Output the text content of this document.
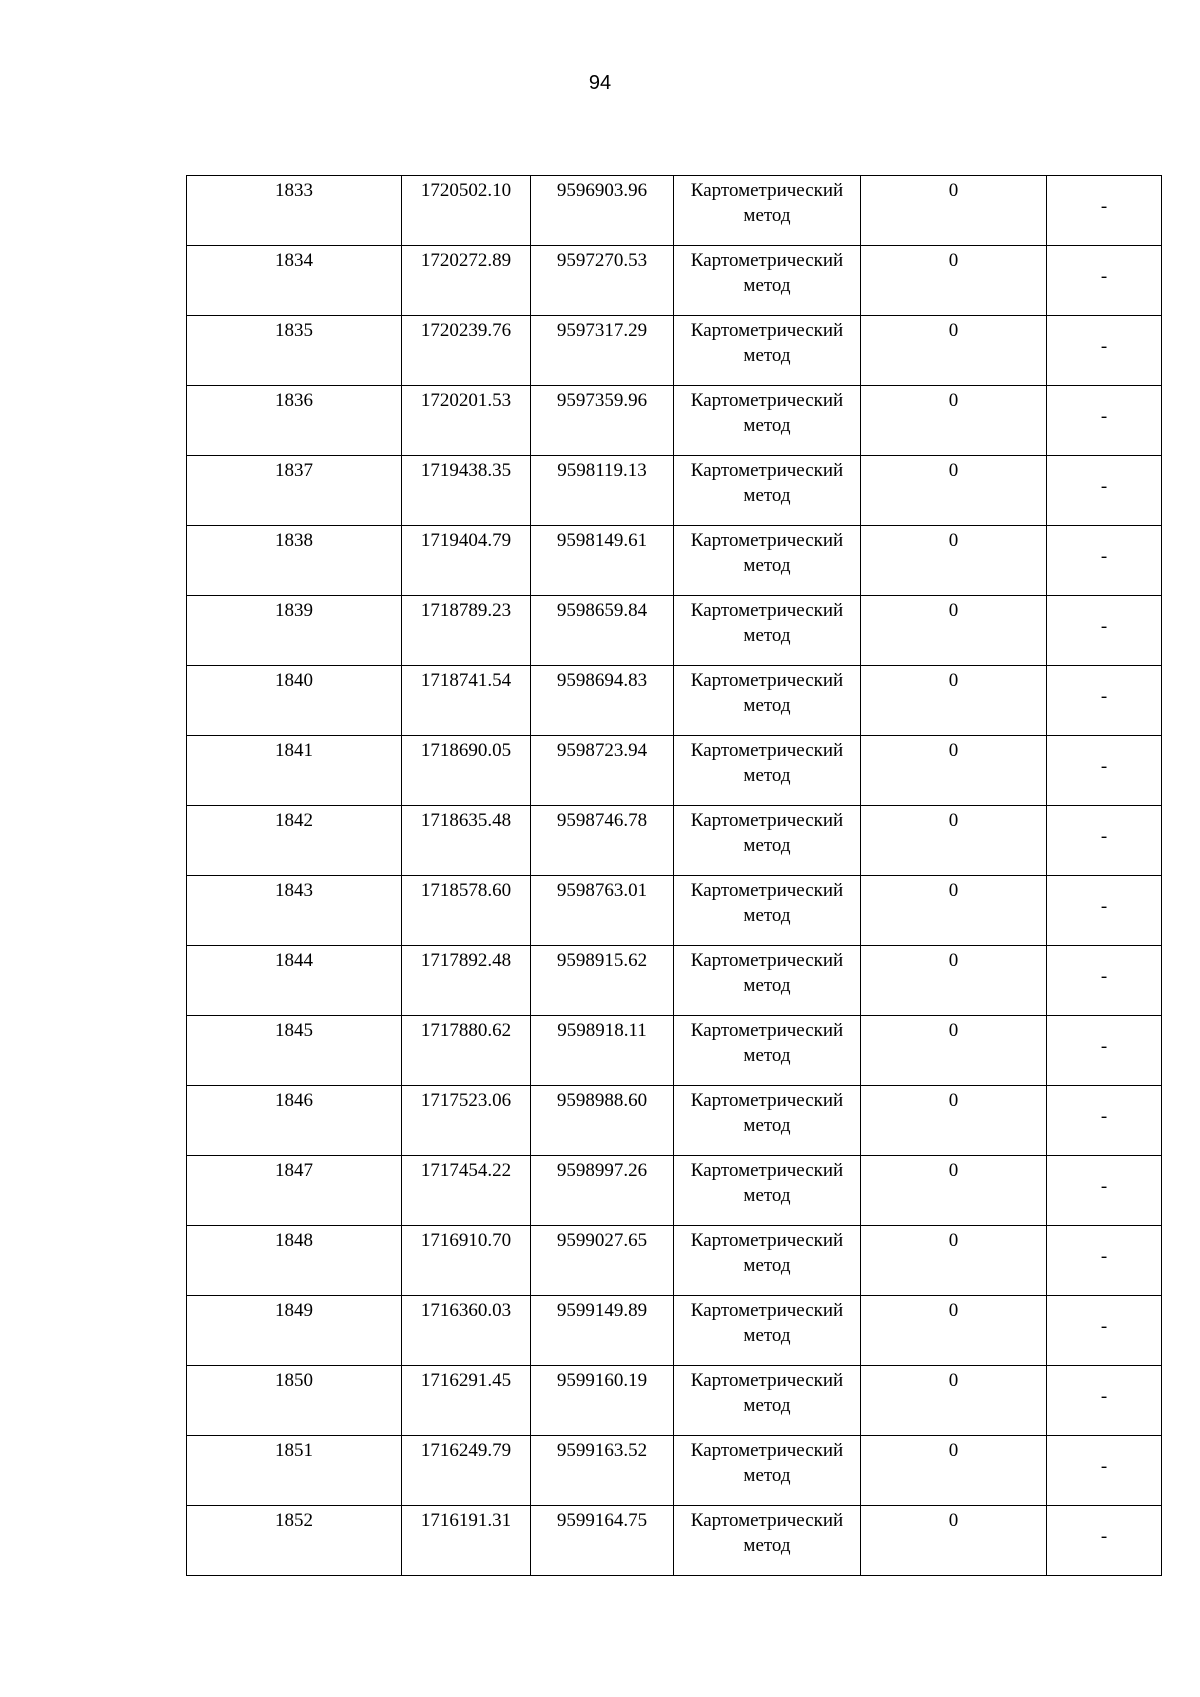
94
1833	1720502.10	9596903.96	Картометрический метод	0	-

1834	1720272.89	9597270.53	Картометрический метод	0	-

1835	1720239.76	9597317.29	Картометрический метод	0	-

1836	1720201.53	9597359.96	Картометрический метод	0	-

1837	1719438.35	9598119.13	Картометрический метод	0	-

1838	1719404.79	9598149.61	Картометрический метод	0	-

1839	1718789.23	9598659.84	Картометрический метод	0	-

1840	1718741.54	9598694.83	Картометрический метод	0	-

1841	1718690.05	9598723.94	Картометрический метод	0	-

1842	1718635.48	9598746.78	Картометрический метод	0	-

1843	1718578.60	9598763.01	Картометрический метод	0	-

1844	1717892.48	9598915.62	Картометрический метод	0	-

1845	1717880.62	9598918.11	Картометрический метод	0	-

1846	1717523.06	9598988.60	Картометрический метод	0	-

1847	1717454.22	9598997.26	Картометрический метод	0	-

1848	1716910.70	9599027.65	Картометрический метод	0	-

1849	1716360.03	9599149.89	Картометрический метод	0	-

1850	1716291.45	9599160.19	Картометрический метод	0	-

1851	1716249.79	9599163.52	Картометрический метод	0	-

1852	1716191.31	9599164.75	Картометрический метод	0	-
